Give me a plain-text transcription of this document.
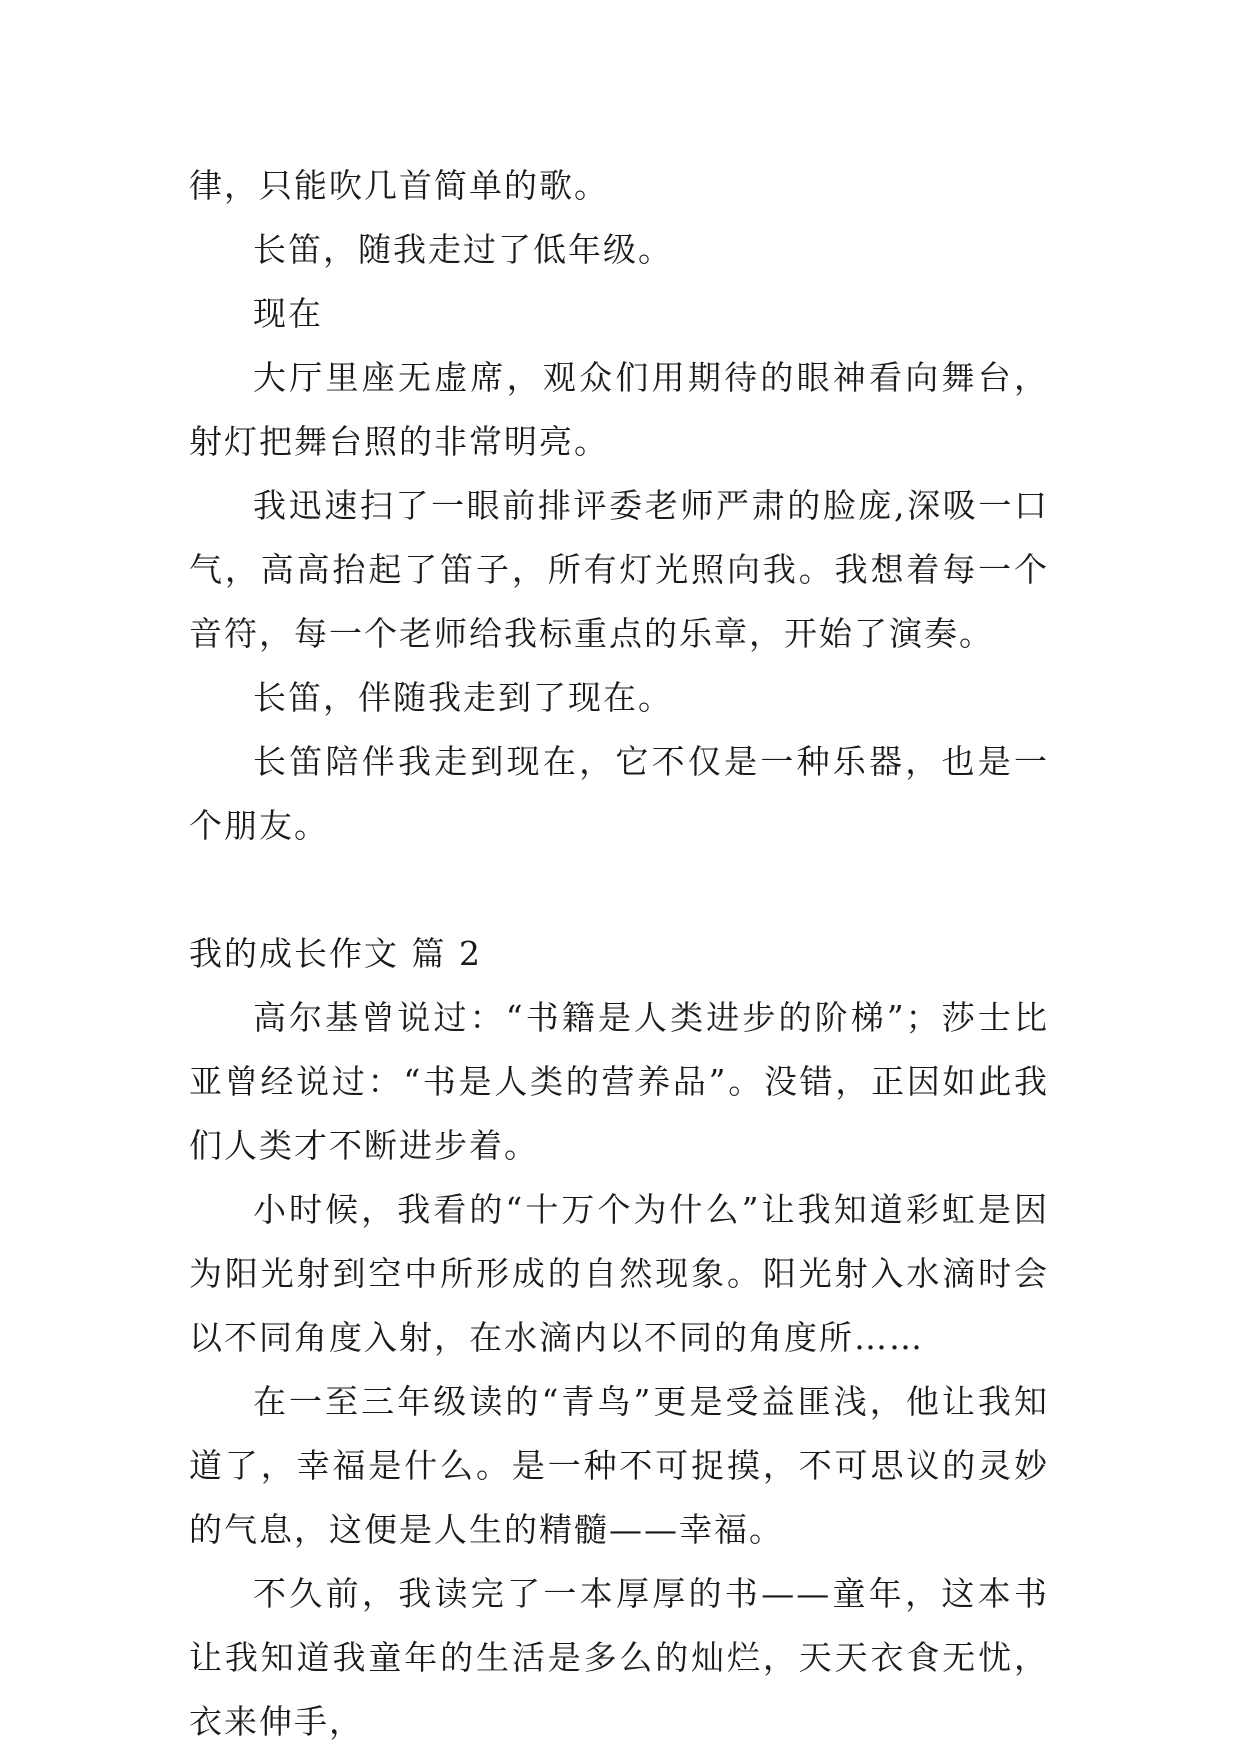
律，只能吹几首简单的歌。

长笛，随我走过了低年级。

现在

大厅里座无虚席，观众们用期待的眼神看向舞台，射灯把舞台照的非常明亮。

我迅速扫了一眼前排评委老师严肃的脸庞,深吸一口气，高高抬起了笛子，所有灯光照向我。我想着每一个音符，每一个老师给我标重点的乐章，开始了演奏。

长笛，伴随我走到了现在。

长笛陪伴我走到现在，它不仅是一种乐器，也是一个朋友。

我的成长作文 篇 2

高尔基曾说过：“书籍是人类进步的阶梯”；莎士比亚曾经说过：“书是人类的营养品”。没错，正因如此我们人类才不断进步着。

小时候，我看的“十万个为什么”让我知道彩虹是因为阳光射到空中所形成的自然现象。阳光射入水滴时会以不同角度入射，在水滴内以不同的角度所……

在一至三年级读的“青鸟”更是受益匪浅，他让我知道了，幸福是什么。是一种不可捉摸，不可思议的灵妙的气息，这便是人生的精髓——幸福。

不久前，我读完了一本厚厚的书——童年，这本书让我知道我童年的生活是多么的灿烂，天天衣食无忧，衣来伸手，
